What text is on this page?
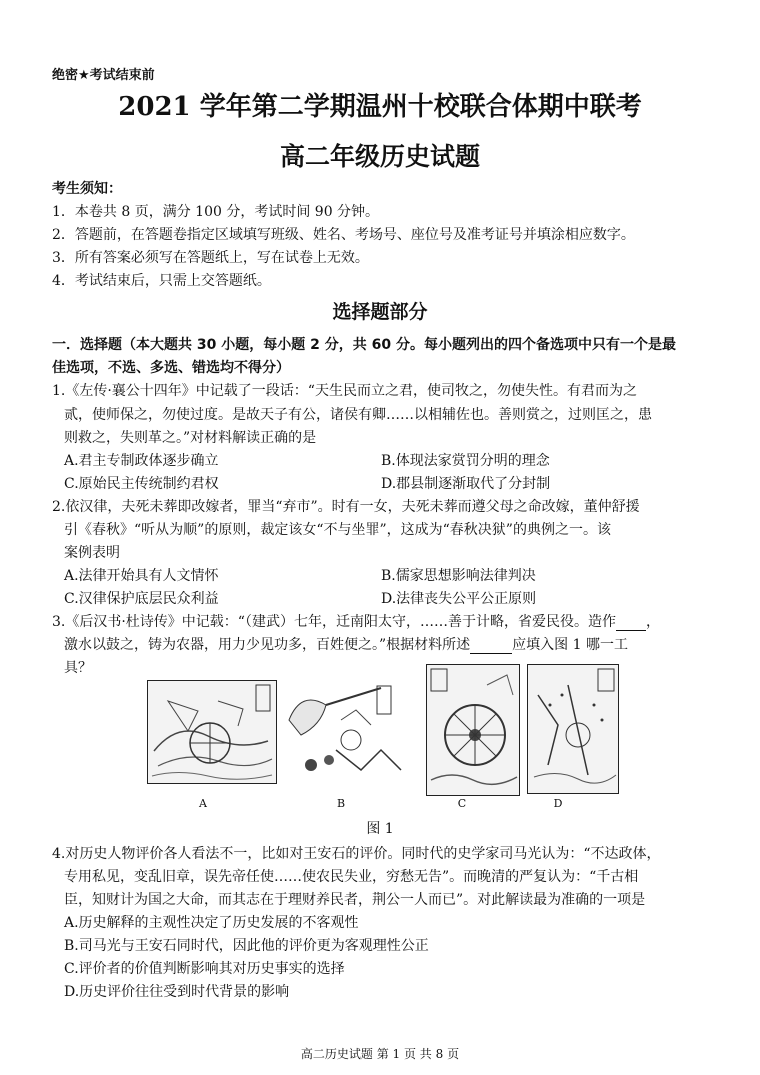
绝密★考试结束前
2021 学年第二学期温州十校联合体期中联考
高二年级历史试题
考生须知：
1．本卷共 8 页，满分 100 分，考试时间 90 分钟。
2．答题前，在答题卷指定区域填写班级、姓名、考场号、座位号及准考证号并填涂相应数字。
3．所有答案必须写在答题纸上，写在试卷上无效。
4．考试结束后，只需上交答题纸。
选择题部分
一．选择题（本大题共 30 小题，每小题 2 分，共 60 分。每小题列出的四个备选项中只有一个是最
佳选项，不选、多选、错选均不得分）
1.《左传·襄公十四年》中记载了一段话：“天生民而立之君，使司牧之，勿使失性。有君而为之
贰，使师保之，勿使过度。是故天子有公，诸侯有卿……以相辅佐也。善则赏之，过则匡之，患
则救之，失则革之。”对材料解读正确的是
A.君主专制政体逐步确立	B.体现法家赏罚分明的理念
C.原始民主传统制约君权	D.郡县制逐渐取代了分封制
2.依汉律，夫死未葬即改嫁者，罪当“弃市”。时有一女，夫死未葬而遵父母之命改嫁，董仲舒援
引《春秋》“听从为顺”的原则，裁定该女“不与坐罪”，这成为“春秋决狱”的典例之一。该
案例表明
A.法律开始具有人文情怀	B.儒家思想影响法律判决
C.汉律保护底层民众利益	D.法律丧失公平公正原则
3.《后汉书·杜诗传》中记载：“（建武）七年，迁南阳太守，……善于计略，省爱民役。造作 ，
激水以鼓之，铸为农器，用力少见功多，百姓便之。”根据材料所述	应填入图 1 哪一工
具？
A	B	C	D
图 1
4.对历史人物评价各人看法不一，比如对王安石的评价。同时代的史学家司马光认为：“不达政体，
专用私见，变乱旧章，误先帝任使……使农民失业，穷愁无告”。而晚清的严复认为：“千古相
臣，知财计为国之大命，而其志在于理财养民者，荆公一人而已”。对此解读最为准确的一项是
A.历史解释的主观性决定了历史发展的不客观性
B.司马光与王安石同时代，因此他的评价更为客观理性公正
C.评价者的价值判断影响其对历史事实的选择
D.历史评价往往受到时代背景的影响
高二历史试题 第 1 页 共 8 页
